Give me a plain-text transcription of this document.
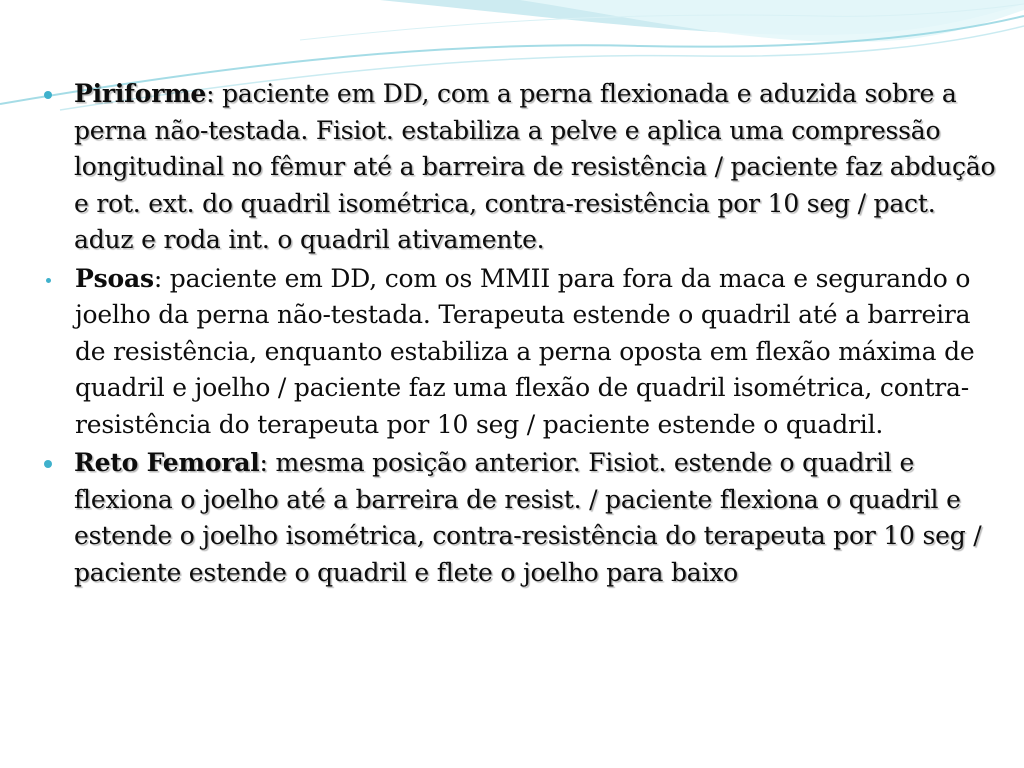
Piriforme: paciente em DD, com a perna flexionada e aduzida sobre a perna não-testada. Fisiot. estabiliza a pelve e aplica uma compressão longitudinal no fêmur até a barreira de resistência / paciente faz abdução e rot. ext. do quadril isométrica, contra-resistência por 10 seg / pact. aduz e roda int. o quadril ativamente.
Psoas: paciente em DD, com os MMII para fora da maca e segurando o joelho da perna não-testada. Terapeuta estende o quadril até a barreira de resistência, enquanto estabiliza a perna oposta em flexão máxima de quadril e joelho / paciente faz uma flexão de quadril isométrica, contra-resistência do terapeuta por 10 seg / paciente estende o quadril.
Reto Femoral: mesma posição anterior. Fisiot. estende o quadril e flexiona o joelho até a barreira de resist. / paciente flexiona o quadril e estende o joelho isométrica, contra-resistência do terapeuta por 10 seg / paciente estende o quadril e flete o joelho para baixo
